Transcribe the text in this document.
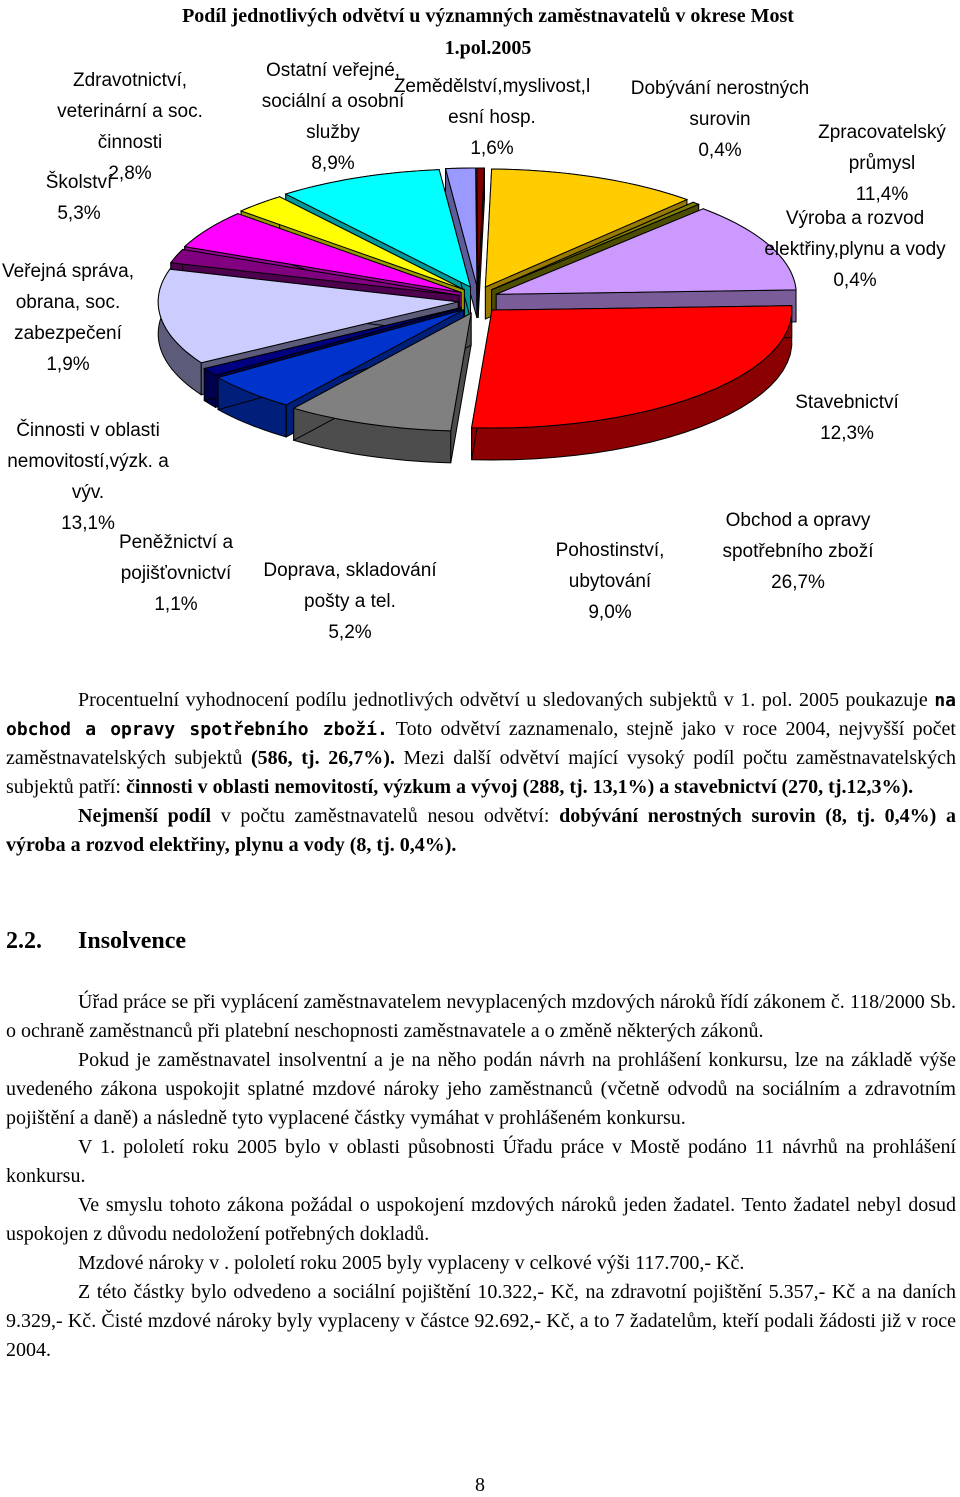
Podíl jednotlivých odvětví u významných zaměstnavatelů v okrese Most
1.pol.2005
Zemědělství,myslivost,l esní hosp. 1,6%
Dobývání nerostných surovin 0,4%
Zpracovatelský průmysl 11,4%
Výroba a rozvod elektřiny,plynu a vody 0,4%
Stavebnictví 12,3%
Obchod a opravy spotřebního zboží 26,7%
Pohostinství, ubytování 9,0%
Doprava, skladování pošty a tel. 5,2%
Peněžnictví a pojišťovnictví 1,1%
Činnosti v oblasti nemovitostí,výzk. a výv. 13,1%
Veřejná správa, obrana, soc. zabezpečení 1,9%
Školství 5,3%
Zdravotnictví, veterinární a soc. činnosti 2,8%
Ostatní veřejné, sociální a osobní služby 8,9%

Procentuelní vyhodnocení podílu jednotlivých odvětví u sledovaných subjektů v 1. pol. 2005 poukazuje na obchod a opravy spotřebního zboží. Toto odvětví zaznamenalo, stejně jako v roce 2004, nejvyšší počet zaměstnavatelských subjektů (586, tj. 26,7%). Mezi další odvětví mající vysoký podíl počtu zaměstnavatelských subjektů patří: činnosti v oblasti nemovitostí, výzkum a vývoj (288, tj. 13,1%) a stavebnictví (270, tj.12,3%).

Nejmenší podíl v počtu zaměstnavatelů nesou odvětví: dobývání nerostných surovin (8, tj. 0,4%) a výroba a rozvod elektřiny, plynu a vody (8, tj. 0,4%).

2.2. Insolvence

Úřad práce se při vyplácení zaměstnavatelem nevyplacených mzdových nároků řídí zákonem č. 118/2000 Sb. o ochraně zaměstnanců při platební neschopnosti zaměstnavatele a o změně některých zákonů.

Pokud je zaměstnavatel insolventní a je na něho podán návrh na prohlášení konkursu, lze na základě výše uvedeného zákona uspokojit splatné mzdové nároky jeho zaměstnanců (včetně odvodů na sociálním a zdravotním pojištění a daně) a následně tyto vyplacené částky vymáhat v prohlášeném konkursu.

V 1. pololetí roku 2005 bylo v oblasti působnosti Úřadu práce v Mostě podáno 11 návrhů na prohlášení konkursu.

Ve smyslu tohoto zákona požádal o uspokojení mzdových nároků jeden žadatel. Tento žadatel nebyl dosud uspokojen z důvodu nedoložení potřebných dokladů.

Mzdové nároky v . pololetí roku 2005 byly vyplaceny v celkové výši 117.700,- Kč.

Z této částky bylo odvedeno a sociální pojištění 10.322,- Kč, na zdravotní pojištění 5.357,- Kč a na daních 9.329,- Kč. Čisté mzdové nároky byly vyplaceny v částce 92.692,- Kč, a to 7 žadatelům, kteří podali žádosti již v roce 2004.

8
